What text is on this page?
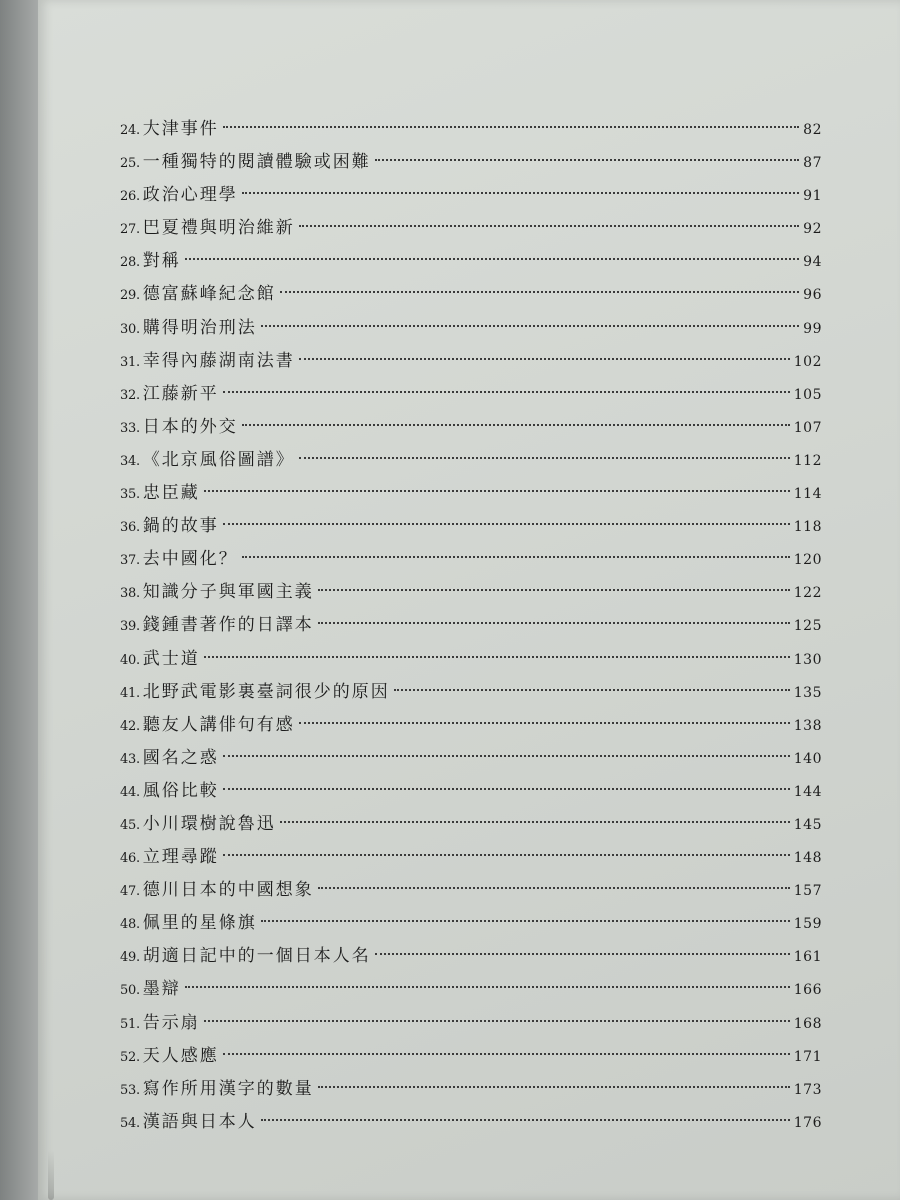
24. 大津事件	82
25. 一種獨特的閱讀體驗或困難	87
26. 政治心理學	91
27. 巴夏禮與明治維新	92
28. 對稱	94
29. 德富蘇峰紀念館	96
30. 購得明治刑法	99
31. 幸得內藤湖南法書	102
32. 江藤新平	105
33. 日本的外交	107
34. 《北京風俗圖譜》	112
35. 忠臣藏	114
36. 鍋的故事	118
37. 去中國化？	120
38. 知識分子與軍國主義	122
39. 錢鍾書著作的日譯本	125
40. 武士道	130
41. 北野武電影裏臺詞很少的原因	135
42. 聽友人講俳句有感	138
43. 國名之惑	140
44. 風俗比較	144
45. 小川環樹說魯迅	145
46. 立理尋蹤	148
47. 德川日本的中國想象	157
48. 佩里的星條旗	159
49. 胡適日記中的一個日本人名	161
50. 墨辯	166
51. 告示扇	168
52. 天人感應	171
53. 寫作所用漢字的數量	173
54. 漢語與日本人	176
